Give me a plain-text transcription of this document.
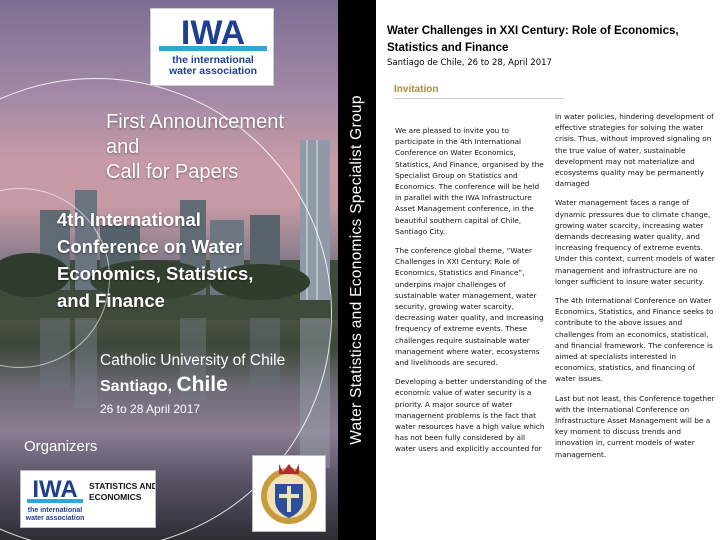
IWA
the international
water association
First Announcement
and
Call for Papers
4th International
Conference on Water
Economics, Statistics,
and Finance
Catholic University of Chile
Santiago, Chile
26 to 28 April 2017
Organizers
IWA
the international
water association
STATISTICS AND
ECONOMICS
Water Statistics and Economics Specialist Group
Water Challenges in XXI Century: Role of Economics, Statistics and Finance
Santiago de Chile, 26 to 28, April 2017
Invitation

We are pleased to invite you to participate in the 4th International Conference on Water Economics, Statistics, And Finance, organised by the Specialist Group on Statistics and Economics. The conference will be held in parallel with the IWA Infrastructure Asset Management conference, in the beautiful southern capital of Chile, Santiago City.

The conference global theme, “Water Challenges in XXI Century: Role of Economics, Statistics and Finance”, underpins major challenges of sustainable water management, water security, growing water scarcity, decreasing water quality, and increasing frequency of extreme events. These challenges require sustainable water management where water, ecosystems and livelihoods are secured.

Developing a better understanding of the economic value of water security is a priority. A major source of water management problems is the fact that water resources have a high value which has not been fully considered by all water users and explicitly accounted for

in water policies, hindering development of effective strategies for solving the water crisis. Thus, without improved signaling on the true value of water, sustainable development may not materialize and ecosystems quality may be permanently damaged

Water management faces a range of dynamic pressures due to climate change, growing water scarcity, increasing water demands decreasing water quality, and increasing frequency of extreme events. Under this context, current models of water management and infrastructure are no longer sufficient to insure water security.

The 4th International Conference on Water Economics, Statistics, and Finance seeks to contribute to the above issues and challenges from an economics, statistical, and financial framework. The conference is aimed at specialists interested in economics, statistics, and financing of water issues.

Last but not least, this Conference together with the International Conference on Infrastructure Asset Management will be a key moment to discuss trends and innovation in, current models of water management.
